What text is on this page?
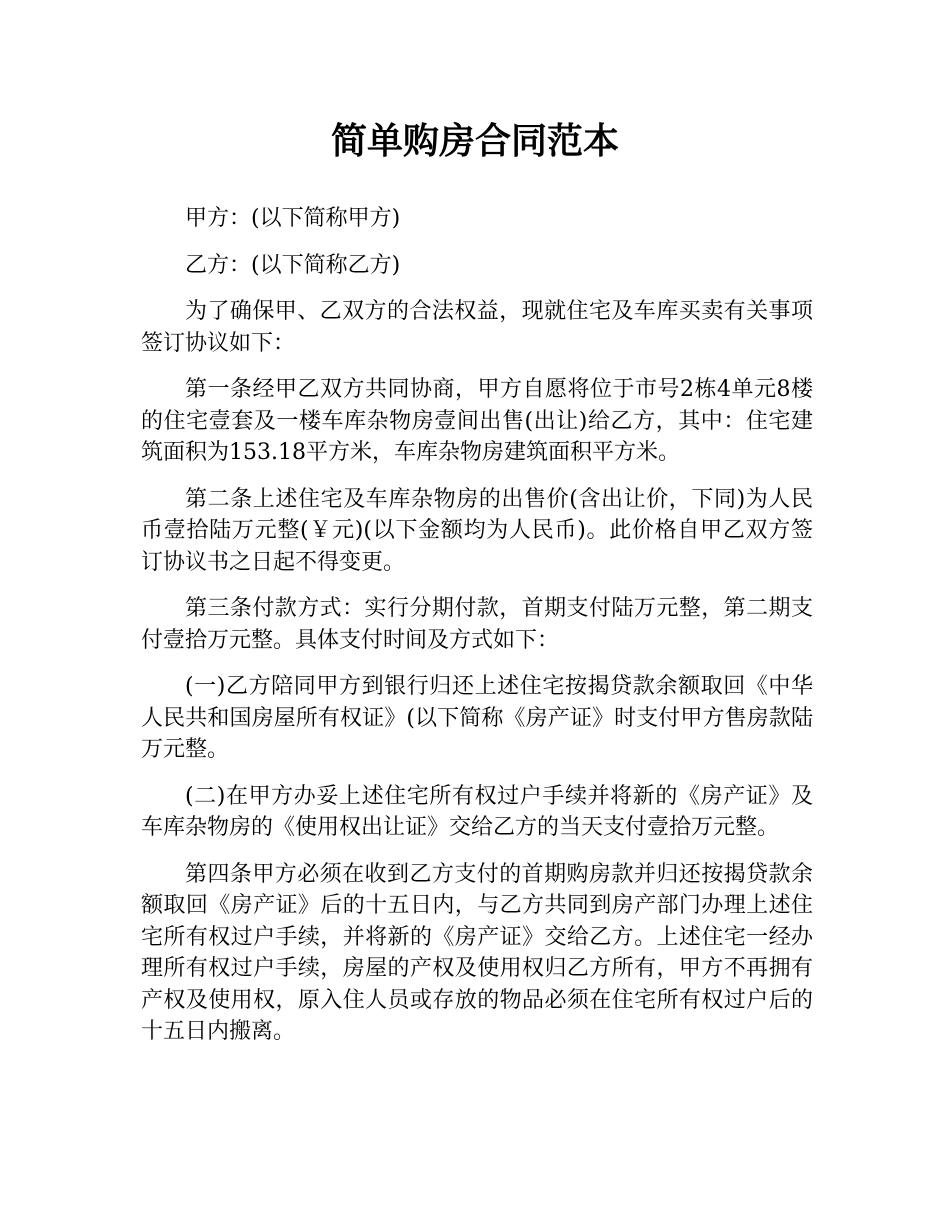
简单购房合同范本

甲方：(以下简称甲方)

乙方：(以下简称乙方)

为了确保甲、乙双方的合法权益，现就住宅及车库买卖有关事项签订协议如下：

第一条经甲乙双方共同协商，甲方自愿将位于市号2栋4单元8楼的住宅壹套及一楼车库杂物房壹间出售(出让)给乙方，其中：住宅建筑面积为153.18平方米，车库杂物房建筑面积平方米。

第二条上述住宅及车库杂物房的出售价(含出让价，下同)为人民币壹拾陆万元整(￥元)(以下金额均为人民币)。此价格自甲乙双方签订协议书之日起不得变更。

第三条付款方式：实行分期付款，首期支付陆万元整，第二期支付壹拾万元整。具体支付时间及方式如下：

(一)乙方陪同甲方到银行归还上述住宅按揭贷款余额取回《中华人民共和国房屋所有权证》(以下简称《房产证》时支付甲方售房款陆万元整。

(二)在甲方办妥上述住宅所有权过户手续并将新的《房产证》及车库杂物房的《使用权出让证》交给乙方的当天支付壹拾万元整。

第四条甲方必须在收到乙方支付的首期购房款并归还按揭贷款余额取回《房产证》后的十五日内，与乙方共同到房产部门办理上述住宅所有权过户手续，并将新的《房产证》交给乙方。上述住宅一经办理所有权过户手续，房屋的产权及使用权归乙方所有，甲方不再拥有产权及使用权，原入住人员或存放的物品必须在住宅所有权过户后的十五日内搬离。
